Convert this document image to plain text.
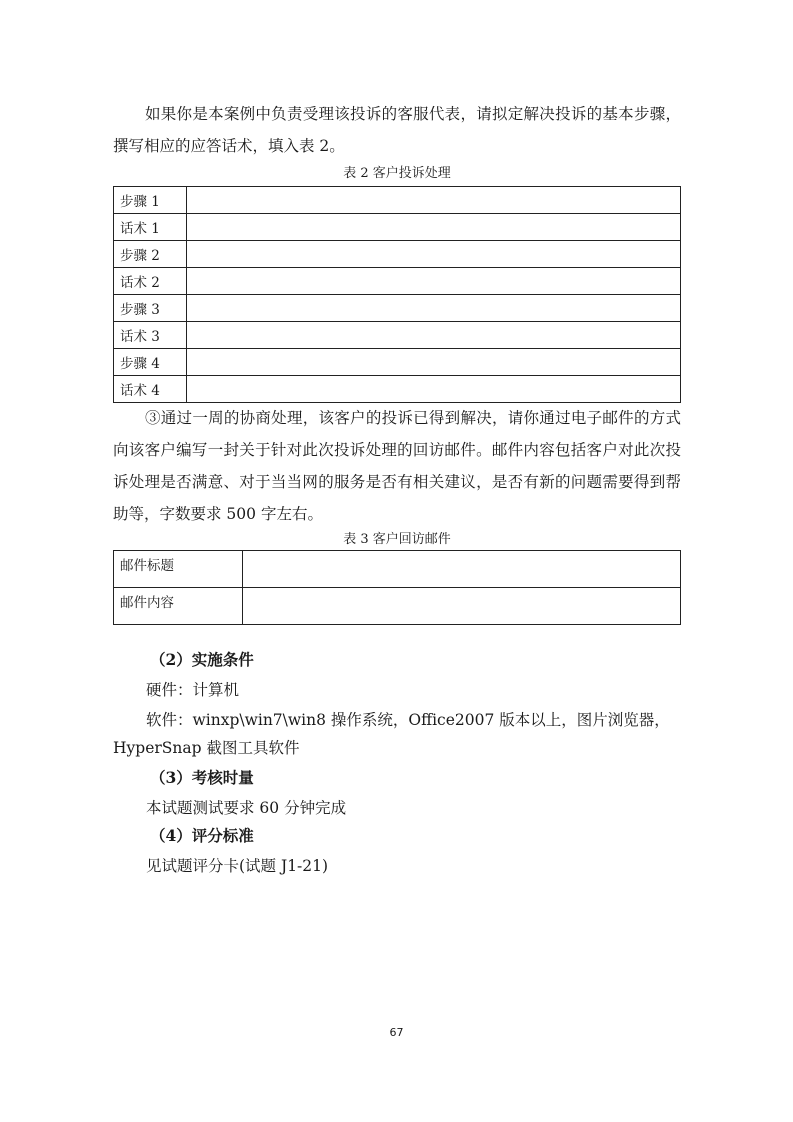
如果你是本案例中负责受理该投诉的客服代表，请拟定解决投诉的基本步骤，撰写相应的应答话术，填入表 2。
表 2 客户投诉处理
步骤 1	
话术 1	
步骤 2	
话术 2	
步骤 3	
话术 3	
步骤 4	
话术 4	
③通过一周的协商处理，该客户的投诉已得到解决，请你通过电子邮件的方式向该客户编写一封关于针对此次投诉处理的回访邮件。邮件内容包括客户对此次投诉处理是否满意、对于当当网的服务是否有相关建议，是否有新的问题需要得到帮助等，字数要求 500 字左右。
表 3 客户回访邮件
邮件标题	
邮件内容	
（2）实施条件
硬件：计算机
软件：winxp\win7\win8 操作系统，Office2007 版本以上，图片浏览器，
HyperSnap 截图工具软件
（3）考核时量
本试题测试要求 60 分钟完成
（4）评分标准
见试题评分卡(试题 J1-21)
67
